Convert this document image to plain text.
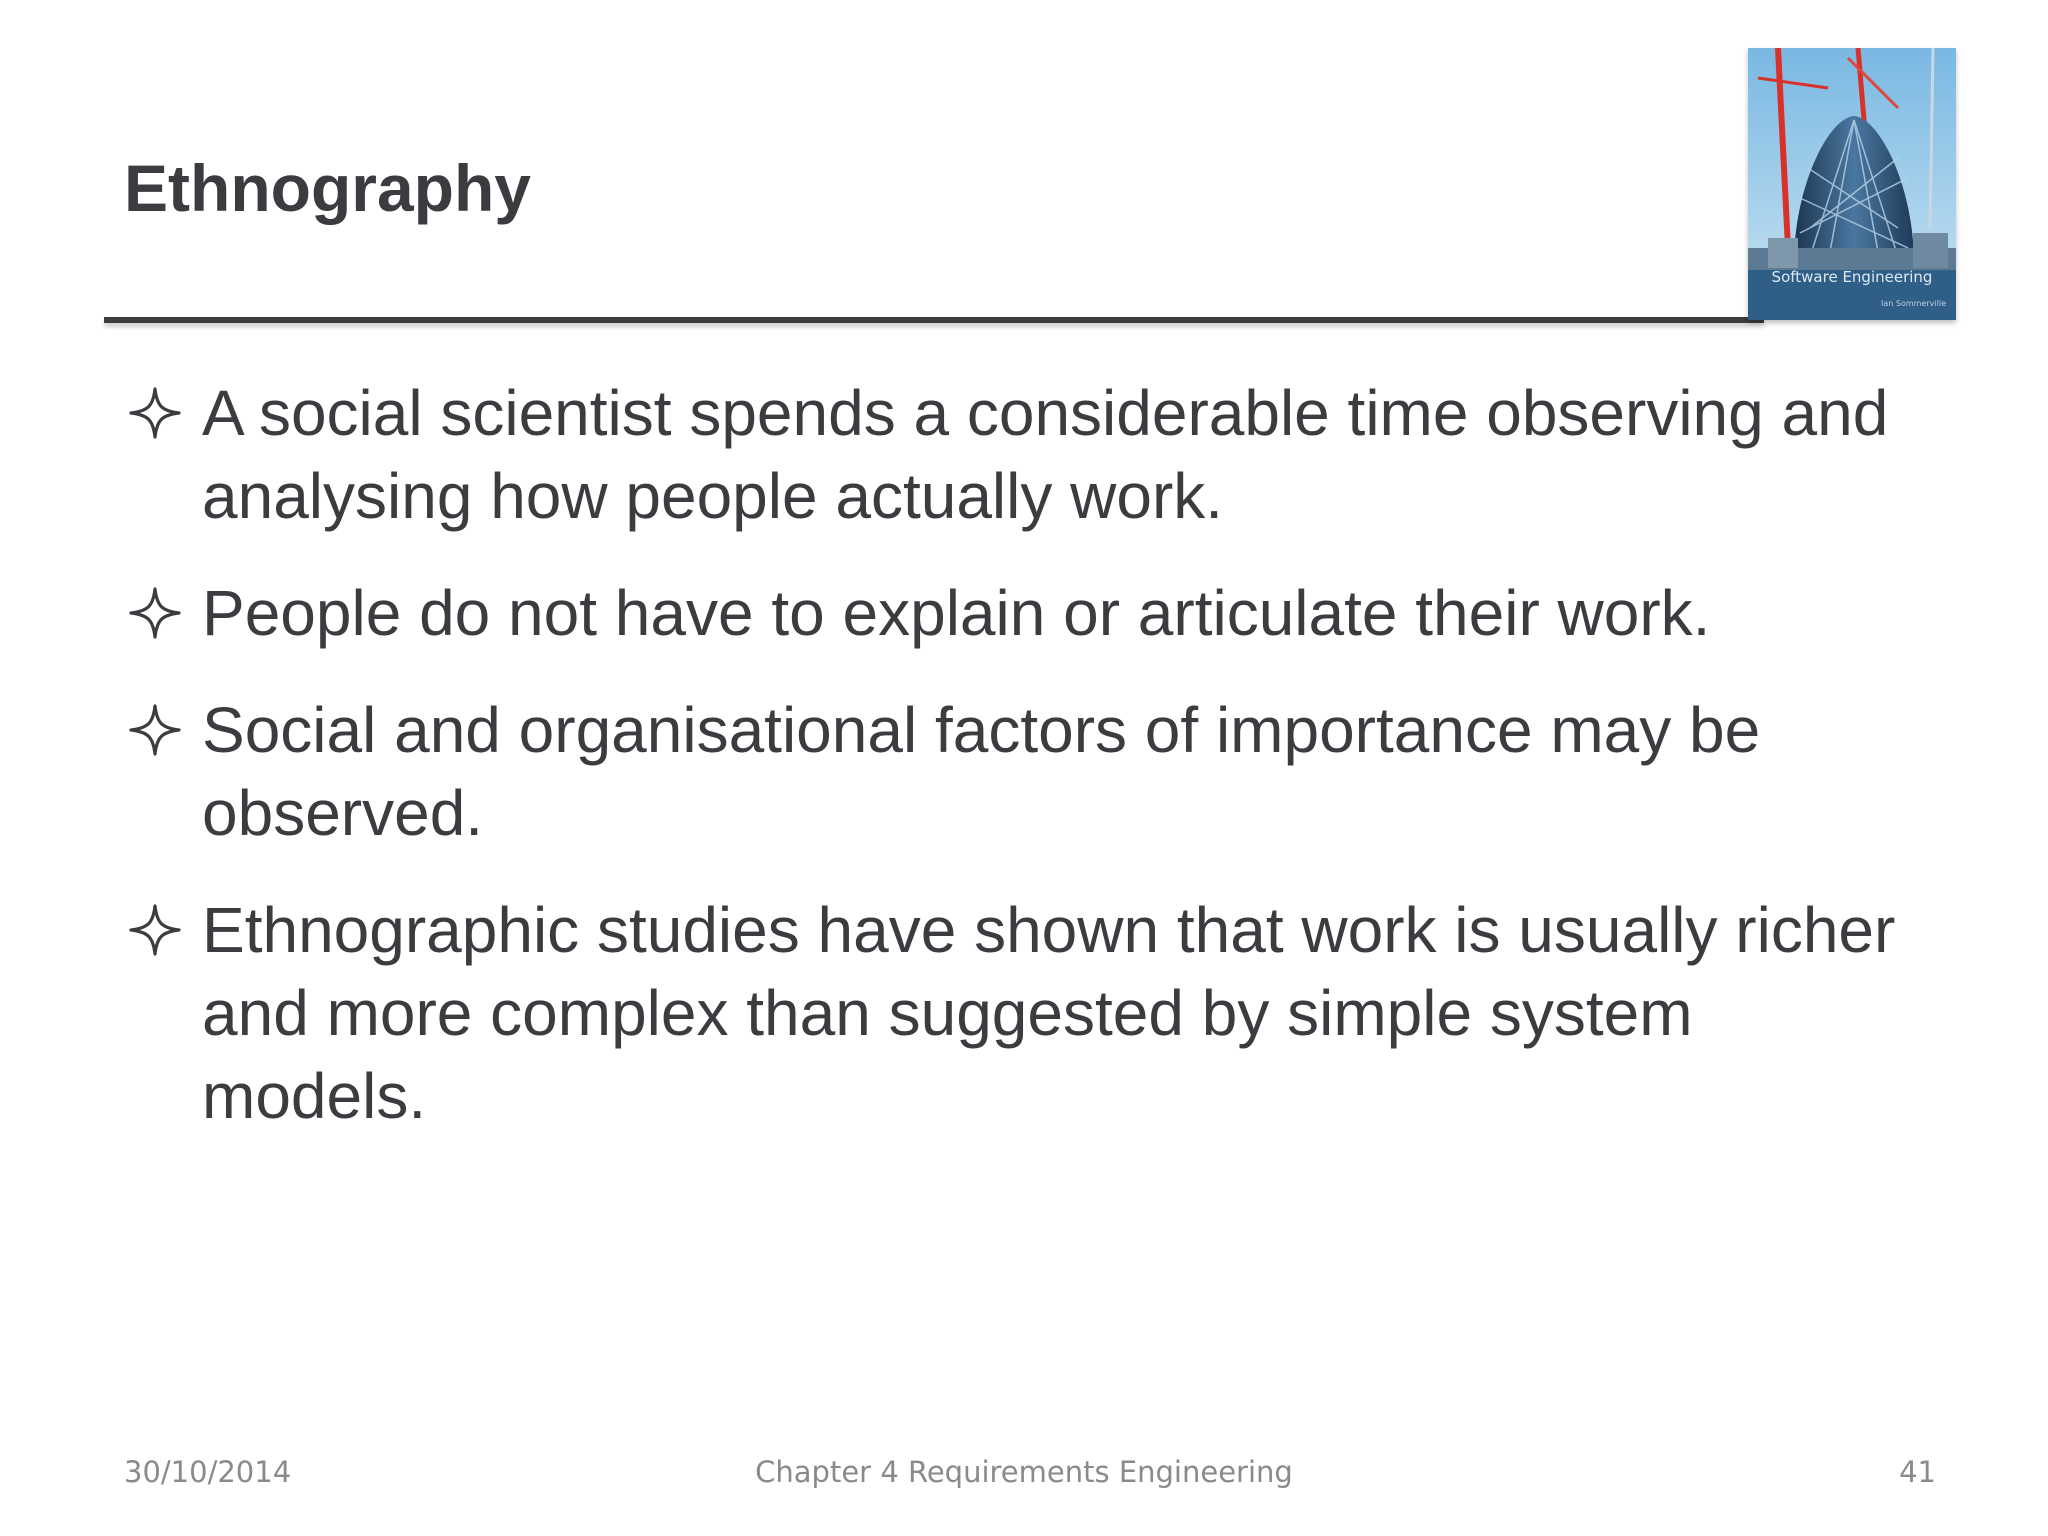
Ethnography
Software Engineering
Ian Sommerville
A social scientist spends a considerable time observing and analysing how people actually work.
People do not have to explain or articulate their work.
Social and organisational factors of importance may be observed.
Ethnographic studies have shown that work is usually richer and more complex than suggested by simple system models.
30/10/2014	Chapter 4 Requirements Engineering	41
